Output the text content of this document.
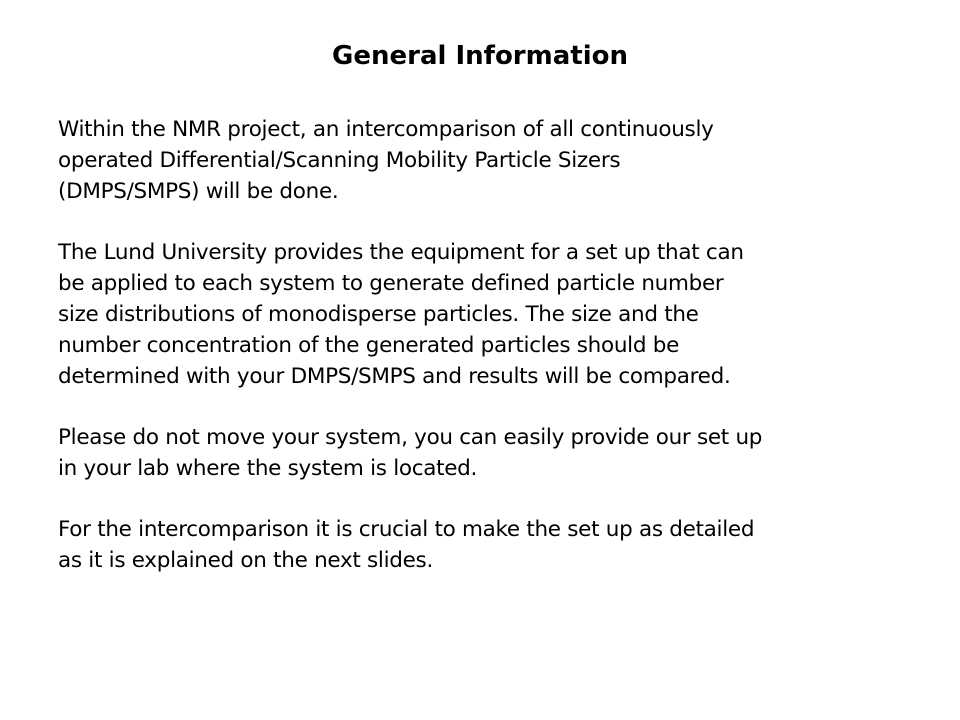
General Information

Within the NMR project, an intercomparison of all continuously
operated Differential/Scanning Mobility Particle Sizers
(DMPS/SMPS) will be done.

The Lund University provides the equipment for a set up that can
be applied to each system to generate defined particle number
size distributions of monodisperse particles. The size and the
number concentration of the generated particles should be
determined with your DMPS/SMPS and results will be compared.

Please do not move your system, you can easily provide our set up
in your lab where the system is located.

For the intercomparison it is crucial to make the set up as detailed
as it is explained on the next slides.
